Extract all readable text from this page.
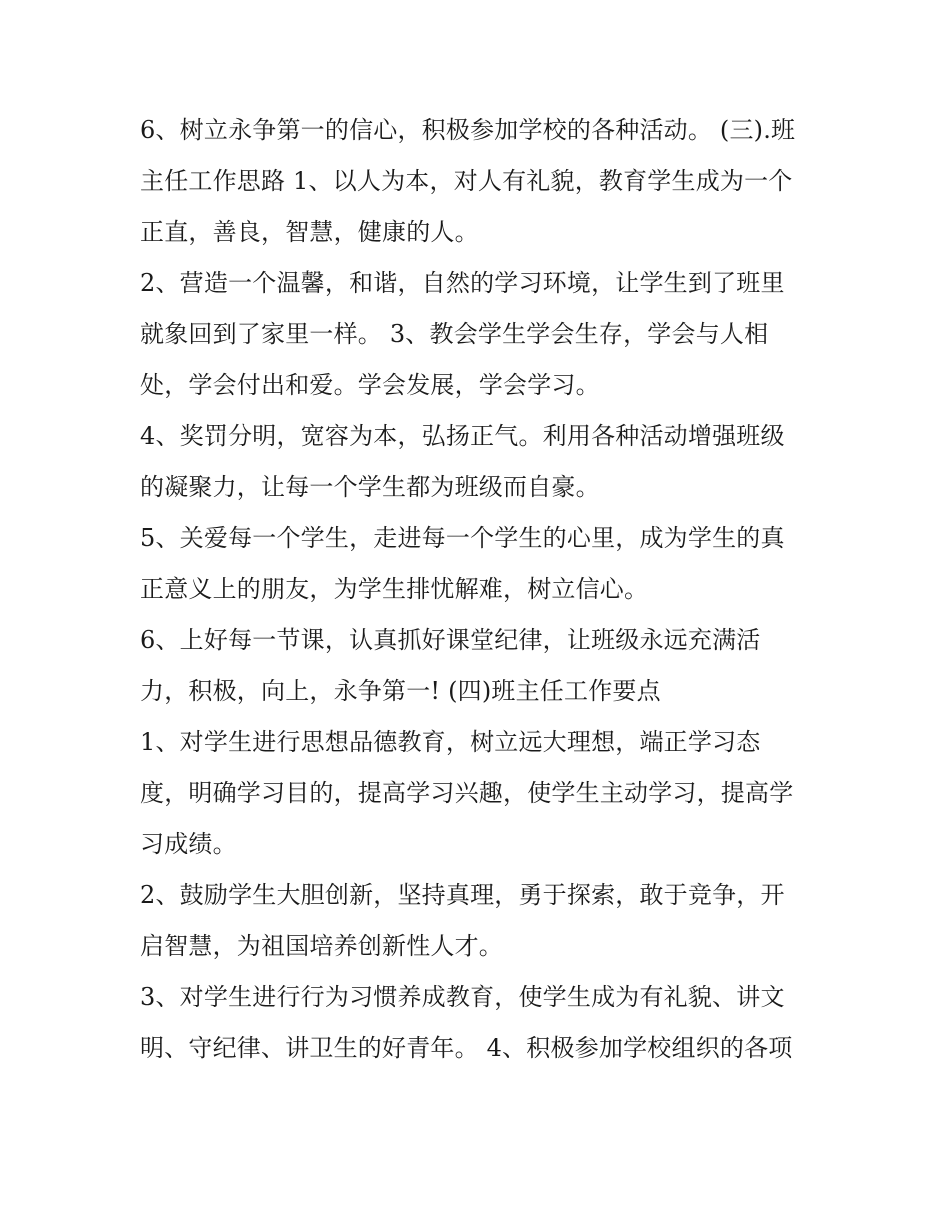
6、树立永争第一的信心，积极参加学校的各种活动。 (三).班
主任工作思路 1、以人为本，对人有礼貌，教育学生成为一个
正直，善良，智慧，健康的人。
2、营造一个温馨，和谐，自然的学习环境，让学生到了班里
就象回到了家里一样。 3、教会学生学会生存，学会与人相
处，学会付出和爱。学会发展，学会学习。
4、奖罚分明，宽容为本，弘扬正气。利用各种活动增强班级
的凝聚力，让每一个学生都为班级而自豪。
5、关爱每一个学生，走进每一个学生的心里，成为学生的真
正意义上的朋友，为学生排忧解难，树立信心。
6、上好每一节课，认真抓好课堂纪律，让班级永远充满活
力，积极，向上，永争第一! (四)班主任工作要点
1、对学生进行思想品德教育，树立远大理想，端正学习态
度，明确学习目的，提高学习兴趣，使学生主动学习，提高学
习成绩。
2、鼓励学生大胆创新，坚持真理，勇于探索，敢于竞争，开
启智慧，为祖国培养创新性人才。
3、对学生进行行为习惯养成教育，使学生成为有礼貌、讲文
明、守纪律、讲卫生的好青年。 4、积极参加学校组织的各项
